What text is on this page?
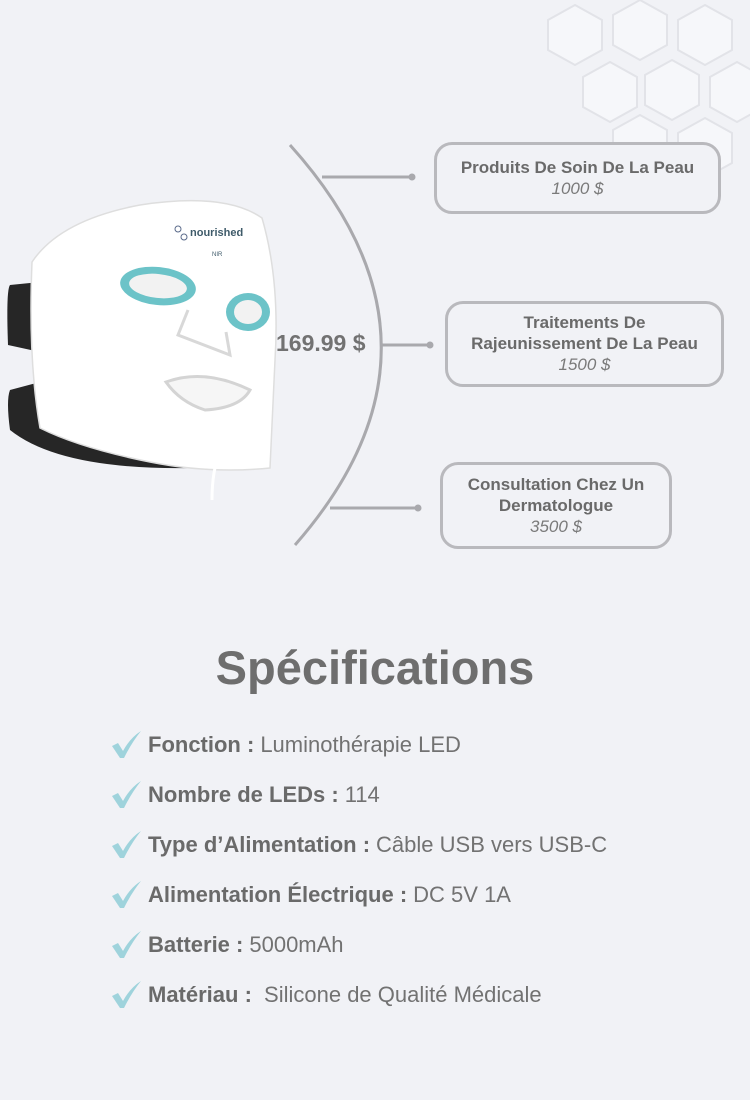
nourished
NIR
169.99 $
Produits De Soin De La Peau
1000 $
Traitements De Rajeunissement De La Peau
1500 $
Consultation Chez Un Dermatologue
3500 $
Spécifications
Fonction : Luminothérapie LED
Nombre de LEDs : 114
Type d’Alimentation : Câble USB vers USB-C
Alimentation Électrique : DC 5V 1A
Batterie : 5000mAh
Matériau : Silicone de Qualité Médicale
